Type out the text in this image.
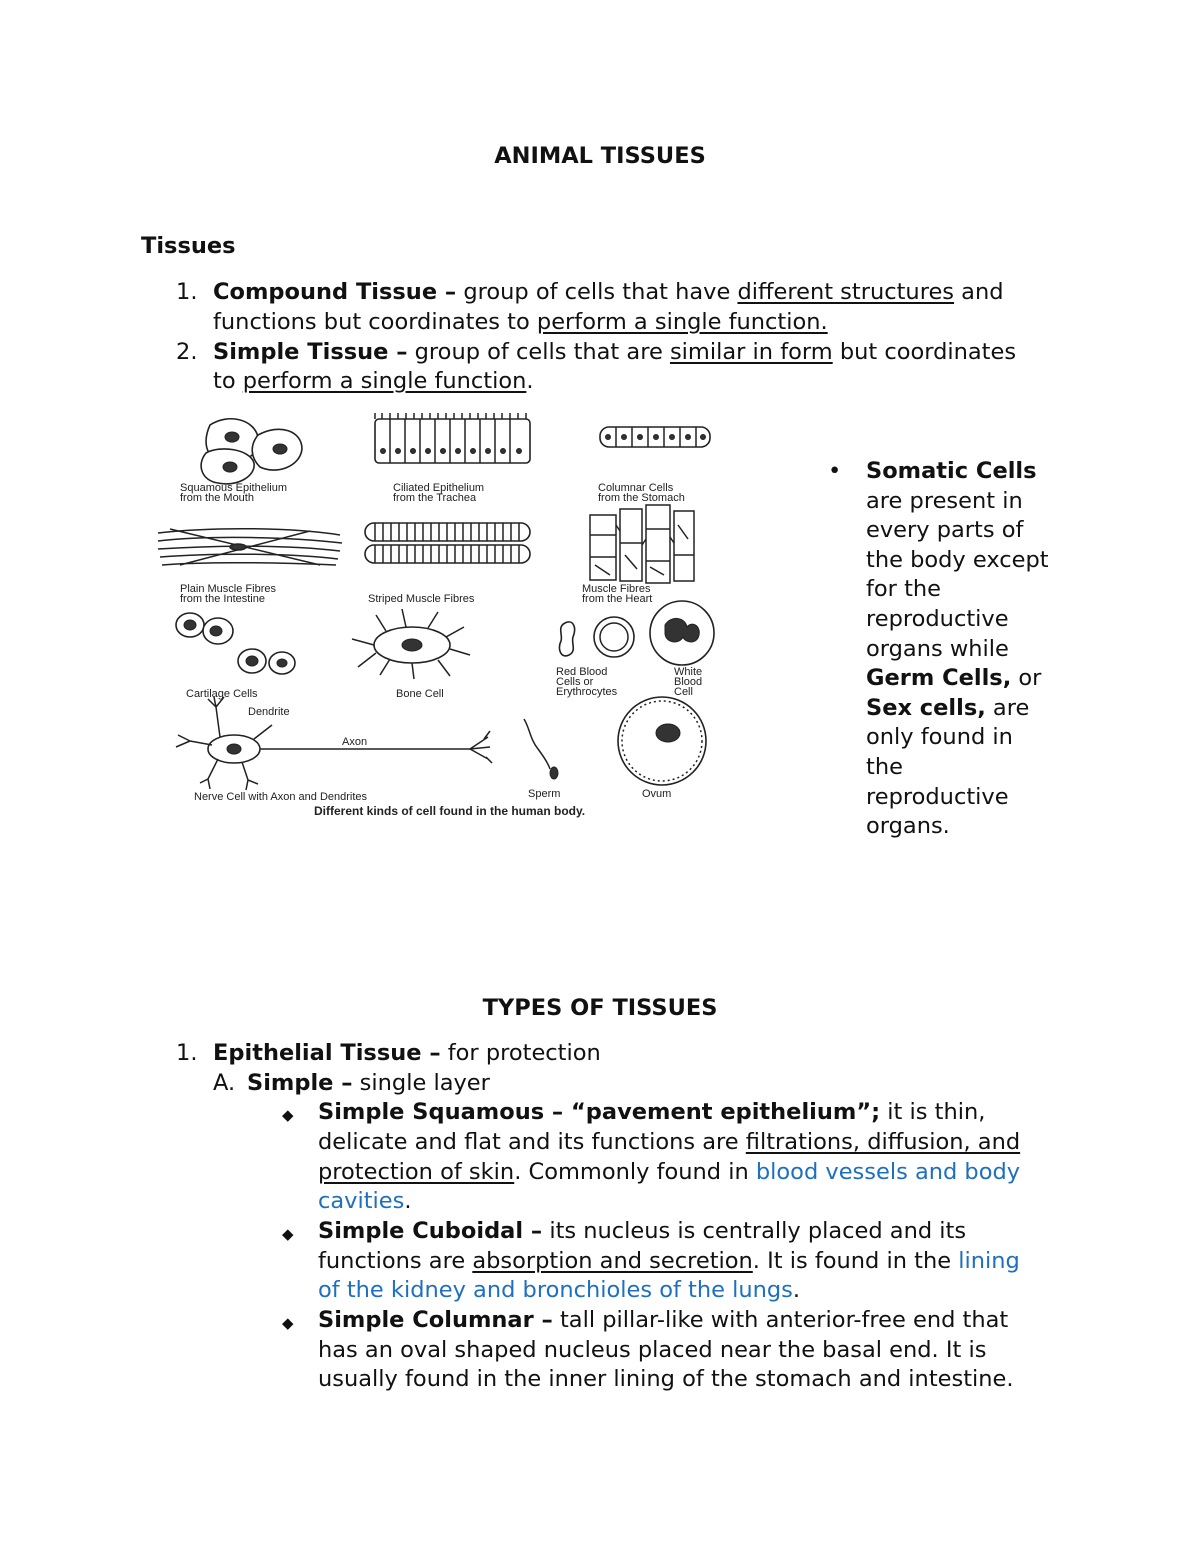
ANIMAL TISSUES
Tissues
1. Compound Tissue – group of cells that have different structures and
functions but coordinates to perform a single function.
2. Simple Tissue – group of cells that are similar in form but coordinates
to perform a single function.
Squamous Epithelium
from the Mouth
Ciliated Epithelium
from the Trachea
Columnar Cells
from the Stomach
Plain Muscle Fibres
from the Intestine	Striped Muscle Fibres
Muscle Fibres
from the Heart
Cartilage Cells	Bone Cell
Red Blood
Cells or
Erythrocytes
White
Blood
Cell
Dendrite
Axon
Nerve Cell with Axon and Dendrites	Sperm	Ovum
Different kinds of cell found in the human body.
• Somatic Cells
are present in
every parts of
the body except
for the
reproductive
organs while
Germ Cells, or
Sex cells, are
only found in
the
reproductive
organs.
TYPES OF TISSUES
1. Epithelial Tissue – for protection
A. Simple – single layer
◆ Simple Squamous – “pavement epithelium”; it is thin,
delicate and flat and its functions are filtrations, diffusion, and
protection of skin. Commonly found in blood vessels and body
cavities.
◆ Simple Cuboidal – its nucleus is centrally placed and its
functions are absorption and secretion. It is found in the lining
of the kidney and bronchioles of the lungs.
◆ Simple Columnar – tall pillar-like with anterior-free end that
has an oval shaped nucleus placed near the basal end. It is
usually found in the inner lining of the stomach and intestine.
